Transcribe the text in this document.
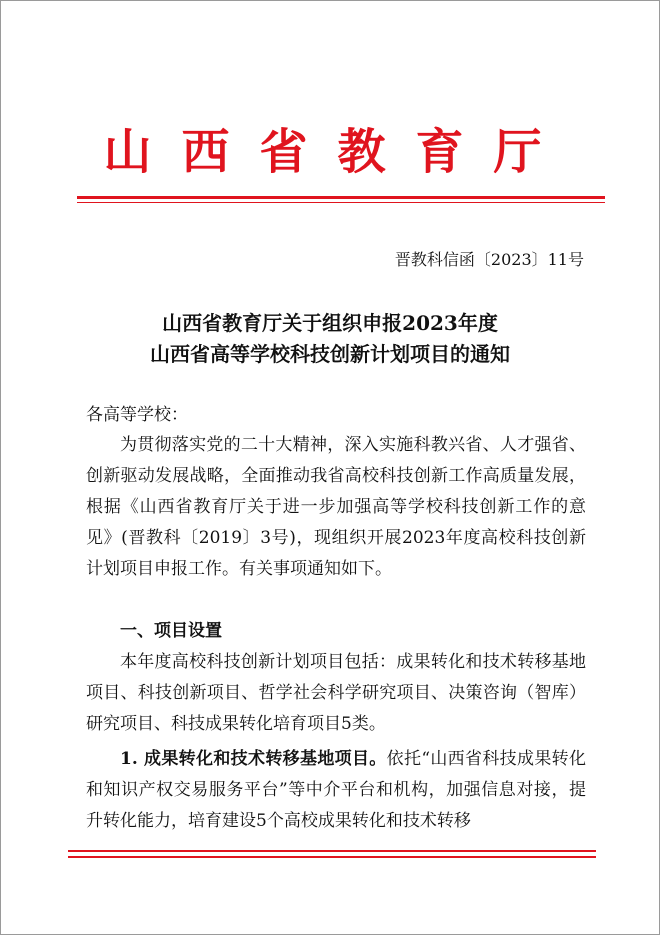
山西省教育厅
晋教科信函〔2023〕11号
山西省教育厅关于组织申报2023年度
山西省高等学校科技创新计划项目的通知
各高等学校：
为贯彻落实党的二十大精神，深入实施科教兴省、人才强省、创新驱动发展战略，全面推动我省高校科技创新工作高质量发展，根据《山西省教育厅关于进一步加强高等学校科技创新工作的意见》(晋教科〔2019〕3号)，现组织开展2023年度高校科技创新计划项目申报工作。有关事项通知如下。
一、项目设置
本年度高校科技创新计划项目包括：成果转化和技术转移基地项目、科技创新项目、哲学社会科学研究项目、决策咨询（智库）研究项目、科技成果转化培育项目5类。
1. 成果转化和技术转移基地项目。依托“山西省科技成果转化和知识产权交易服务平台”等中介平台和机构，加强信息对接，提升转化能力，培育建设5个高校成果转化和技术转移
